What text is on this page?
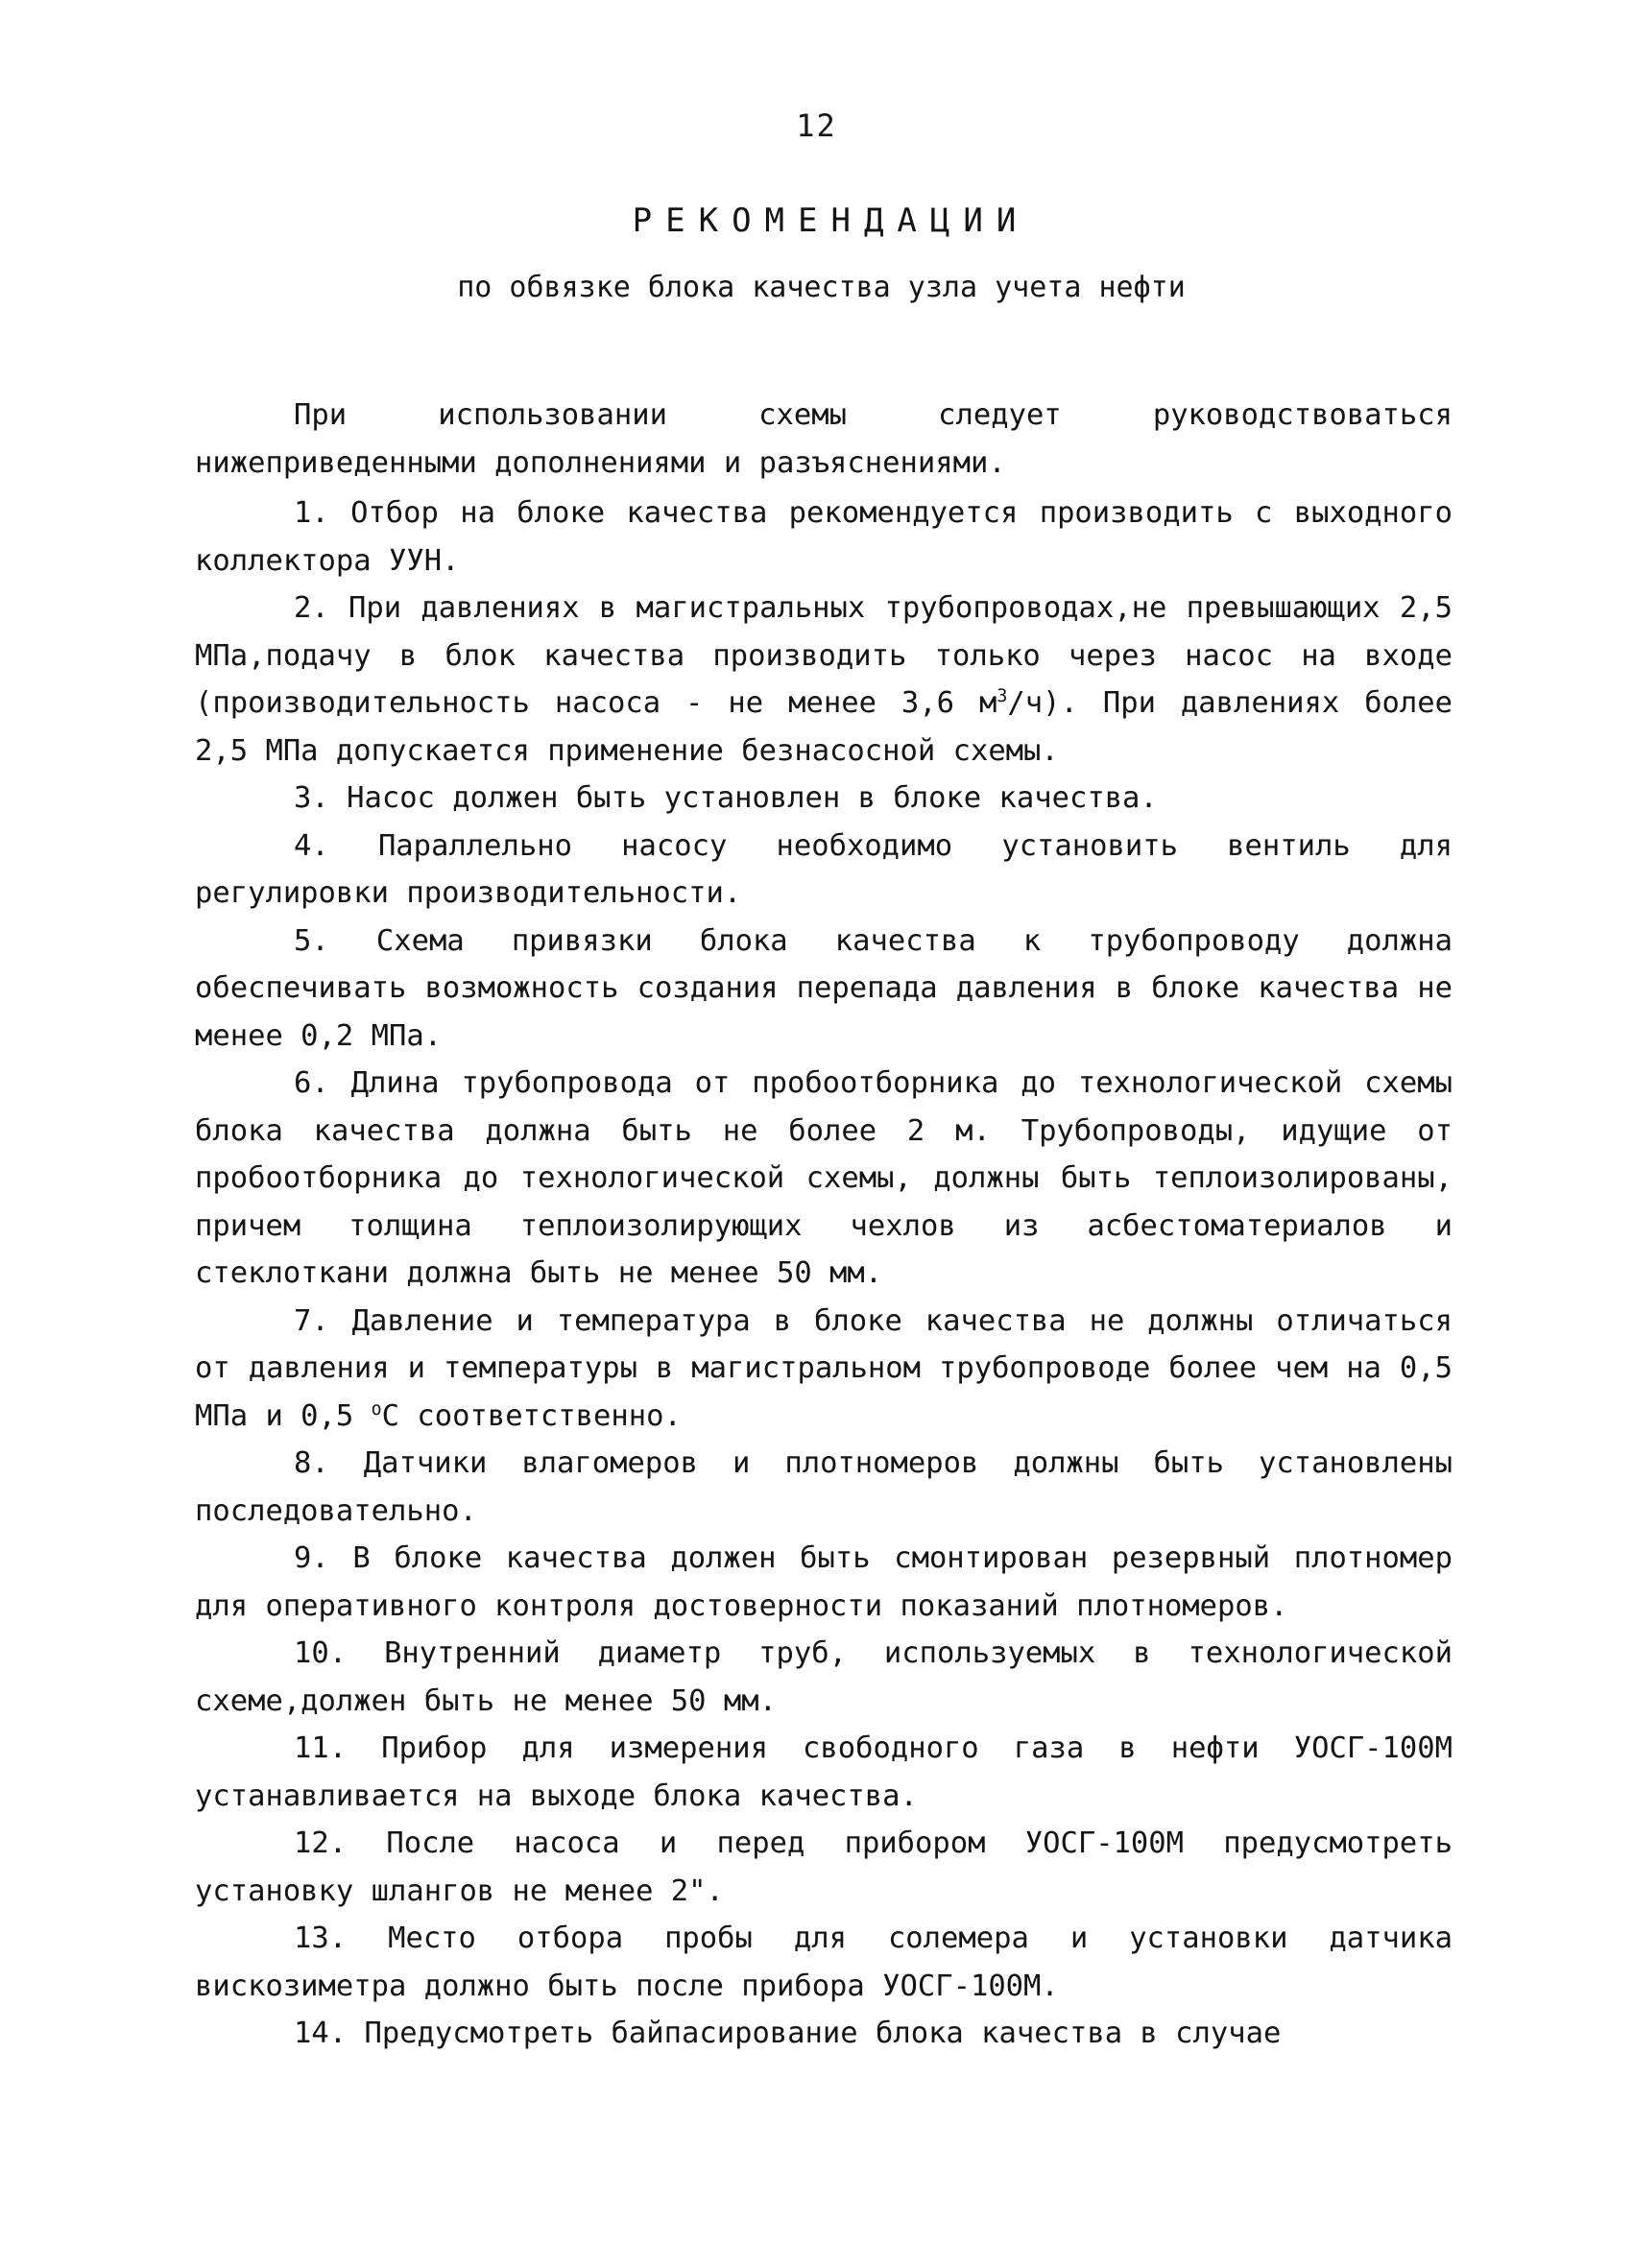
12
РЕКОМЕНДАЦИИ
по обвязке блока качества узла учета нефти

При использовании схемы следует руководствоваться нижеприведенными дополнениями и разъяснениями.

1. Отбор на блоке качества рекомендуется производить с выходного коллектора УУН.

2. При давлениях в магистральных трубопроводах,не превышающих 2,5 МПа,подачу в блок качества производить только через насос на входе (производительность насоса - не менее 3,6 $м^3/ч$). При давлениях более 2,5 МПа допускается применение безнасосной схемы.

3. Насос должен быть установлен в блоке качества.

4. Параллельно насосу необходимо установить вентиль для регулировки производительности.

5. Схема привязки блока качества к трубопроводу должна обеспечивать возможность создания перепада давления в блоке качества не менее 0,2 МПа.

6. Длина трубопровода от пробоотборника до технологической схемы блока качества должна быть не более 2 м. Трубопроводы, идущие от пробоотборника до технологической схемы, должны быть теплоизолированы, причем толщина теплоизолирующих чехлов из асбестоматериалов и стеклоткани должна быть не менее 50 мм.

7. Давление и температура в блоке качества не должны отличаться от давления и температуры в магистральном трубопроводе более чем на 0,5 МПа и 0,5 $^о$С соответственно.

8. Датчики влагомеров и плотномеров должны быть установлены последовательно.

9. В блоке качества должен быть смонтирован резервный плотномер для оперативного контроля достоверности показаний плотномеров.

10. Внутренний диаметр труб, используемых в технологической схеме,должен быть не менее 50 мм.

11. Прибор для измерения свободного газа в нефти УОСГ-100М устанавливается на выходе блока качества.

12. После насоса и перед прибором УОСГ-100М предусмотреть установку шлангов не менее 2".

13. Место отбора пробы для солемера и установки датчика вискозиметра должно быть после прибора УОСГ-100М.

14. Предусмотреть байпасирование блока качества в случае
